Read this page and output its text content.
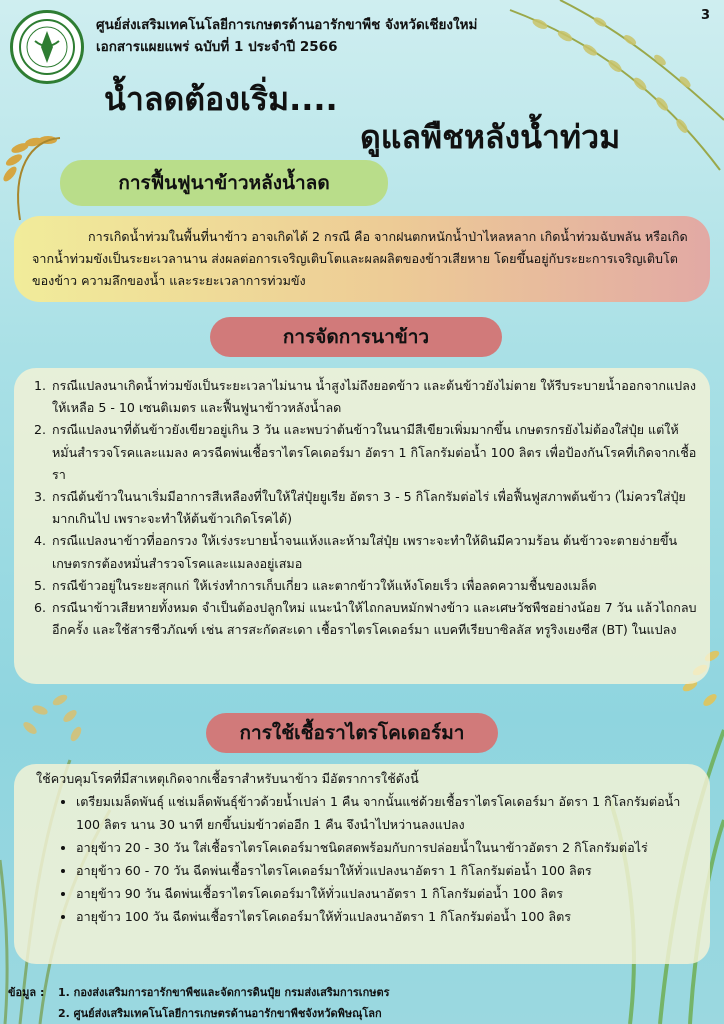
ศูนย์ส่งเสริมเทคโนโลยีการเกษตรด้านอารักขาพืช จังหวัดเชียงใหม่
เอกสารแผยแพร่ ฉบับที่ 1 ประจำปี 2566
3
น้ำลดต้องเริ่ม....
ดูแลพืชหลังน้ำท่วม
การฟื้นฟูนาข้าวหลังน้ำลด

การเกิดน้ำท่วมในพื้นที่นาข้าว อาจเกิดได้ 2 กรณี คือ จากฝนตกหนักน้ำป่าไหลหลาก เกิดน้ำท่วมฉับพลัน หรือเกิดจากน้ำท่วมขังเป็นระยะเวลานาน ส่งผลต่อการเจริญเติบโตและผลผลิตของข้าวเสียหาย โดยขึ้นอยู่กับระยะการเจริญเติบโตของข้าว ความลึกของน้ำ และระยะเวลาการท่วมขัง

การจัดการนาข้าว
1. กรณีแปลงนาเกิดน้ำท่วมขังเป็นระยะเวลาไม่นาน น้ำสูงไม่ถึงยอดข้าว และต้นข้าวยังไม่ตาย ให้รีบระบายน้ำออกจากแปลง ให้เหลือ 5 - 10 เซนติเมตร และฟื้นฟูนาข้าวหลังน้ำลด
2. กรณีแปลงนาที่ต้นข้าวยังเขียวอยู่เกิน 3 วัน และพบว่าต้นข้าวในนามีสีเขียวเพิ่มมากขึ้น เกษตรกรยังไม่ต้องใส่ปุ๋ย แต่ให้หมั่นสำรวจโรคและแมลง ควรฉีดพ่นเชื้อราไตรโคเดอร์มา อัตรา 1 กิโลกรัมต่อน้ำ 100 ลิตร เพื่อป้องกันโรคที่เกิดจากเชื้อรา
3. กรณีต้นข้าวในนาเริ่มมีอาการสีเหลืองที่ใบให้ใส่ปุ๋ยยูเรีย อัตรา 3 - 5 กิโลกรัมต่อไร่ เพื่อฟื้นฟูสภาพต้นข้าว (ไม่ควรใส่ปุ๋ยมากเกินไป เพราะจะทำให้ต้นข้าวเกิดโรคได้)
4. กรณีแปลงนาข้าวที่ออกรวง ให้เร่งระบายน้ำจนแห้งและห้ามใส่ปุ๋ย เพราะจะทำให้ดินมีความร้อน ต้นข้าวจะตายง่ายขึ้น เกษตรกรต้องหมั่นสำรวจโรคและแมลงอยู่เสมอ
5. กรณีข้าวอยู่ในระยะสุกแก่ ให้เร่งทำการเก็บเกี่ยว และตากข้าวให้แห้งโดยเร็ว เพื่อลดความชื้นของเมล็ด
6. กรณีนาข้าวเสียหายทั้งหมด จำเป็นต้องปลูกใหม่ แนะนำให้ไถกลบหมักฟางข้าว และเศษวัชพืชอย่างน้อย 7 วัน แล้วไถกลบอีกครั้ง และใช้สารชีวภัณฑ์ เช่น สารสะกัดสะเดา เชื้อราไตรโคเดอร์มา แบคทีเรียบาซิลลัส ทรูริงเยงซีส (BT) ในแปลง
การใช้เชื้อราไตรโคเดอร์มา
ใช้ควบคุมโรคที่มีสาเหตุเกิดจากเชื้อราสำหรับนาข้าว มีอัตราการใช้ดังนี้
• เตรียมเมล็ดพันธุ์ แช่เมล็ดพันธุ์ข้าวด้วยน้ำเปล่า 1 คืน จากนั้นแช่ด้วยเชื้อราไตรโคเดอร์มา อัตรา 1 กิโลกรัมต่อน้ำ 100 ลิตร นาน 30 นาที ยกขึ้นบ่มข้าวต่ออีก 1 คืน จึงนำไปหว่านลงแปลง
• อายุข้าว 20 - 30 วัน ใส่เชื้อราไตรโคเดอร์มาชนิดสดพร้อมกับการปล่อยน้ำในนาข้าวอัตรา 2 กิโลกรัมต่อไร่
• อายุข้าว 60 - 70 วัน ฉีดพ่นเชื้อราไตรโคเดอร์มาให้ทั่วแปลงนาอัตรา 1 กิโลกรัมต่อน้ำ 100 ลิตร
• อายุข้าว 90 วัน ฉีดพ่นเชื้อราไตรโคเดอร์มาให้ทั่วแปลงนาอัตรา 1 กิโลกรัมต่อน้ำ 100 ลิตร
• อายุข้าว 100 วัน ฉีดพ่นเชื้อราไตรโคเดอร์มาให้ทั่วแปลงนาอัตรา 1 กิโลกรัมต่อน้ำ 100 ลิตร
ข้อมูล : 1. กองส่งเสริมการอารักขาพืชและจัดการดินปุ๋ย กรมส่งเสริมการเกษตร
2. ศูนย์ส่งเสริมเทคโนโลยีการเกษตรด้านอารักขาพืชจังหวัดพิษณุโลก
